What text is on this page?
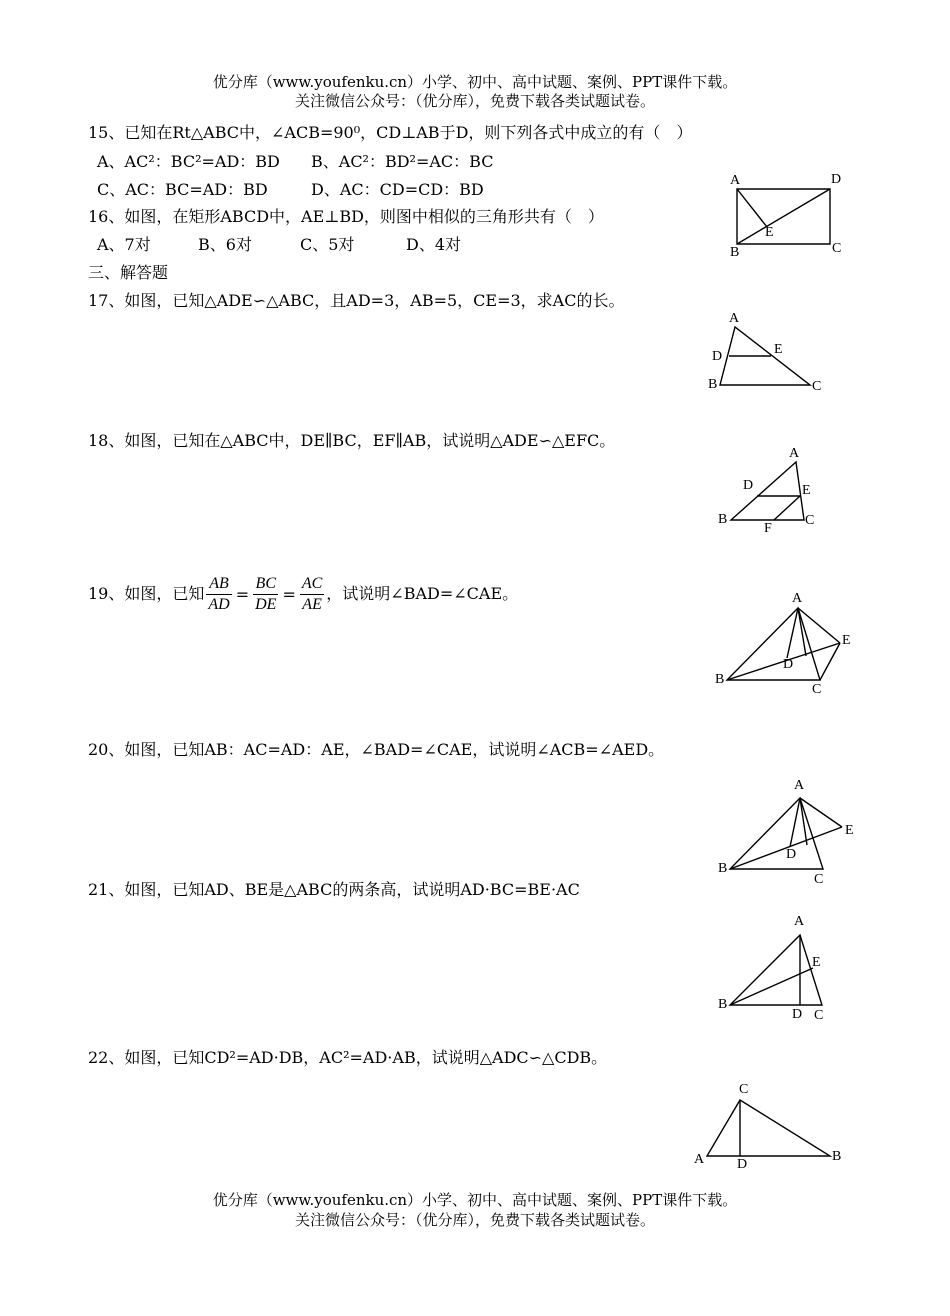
优分库（www.youfenku.cn）小学、初中、高中试题、案例、PPT课件下载。
关注微信公众号：（优分库），免费下载各类试题试卷。
15、已知在Rt△ABC中，∠ACB=90⁰，CD⊥AB于D，则下列各式中成立的有（　）
A、AC²：BC²=AD：BD B、AC²：BD²=AC：BC
C、AC：BC=AD：BD	D、AC：CD=CD：BD
16、如图，在矩形ABCD中，AE⊥BD，则图中相似的三角形共有（　）
A、7对	B、6对	C、5对	D、4对
三、解答题
17、如图，已知△ADE∽△ABC，且AD=3，AB=5，CE=3，求AC的长。
18、如图，已知在△ABC中，DE∥BC，EF∥AB，试说明△ADE∽△EFC。
19、如图，已知 $\frac{AB}{AD} = \frac{BC}{DE} = \frac{AC}{AE}$ ，试说明∠BAD=∠CAE。
20、如图，已知AB：AC=AD：AE，∠BAD=∠CAE，试说明∠ACB=∠AED。
21、如图，已知AD、BE是△ABC的两条高，试说明AD·BC=BE·AC
22、如图，已知CD²=AD·DB，AC²=AD·AB，试说明△ADC∽△CDB。
优分库（www.youfenku.cn）小学、初中、高中试题、案例、PPT课件下载。
关注微信公众号：（优分库），免费下载各类试题试卷。
A	D
B	C
E
A
D	E
B	C
A
D	E
B	C
F
A
E
D
B
C
A
E
D
B
C
A
E
B
D C
C
A D
B
